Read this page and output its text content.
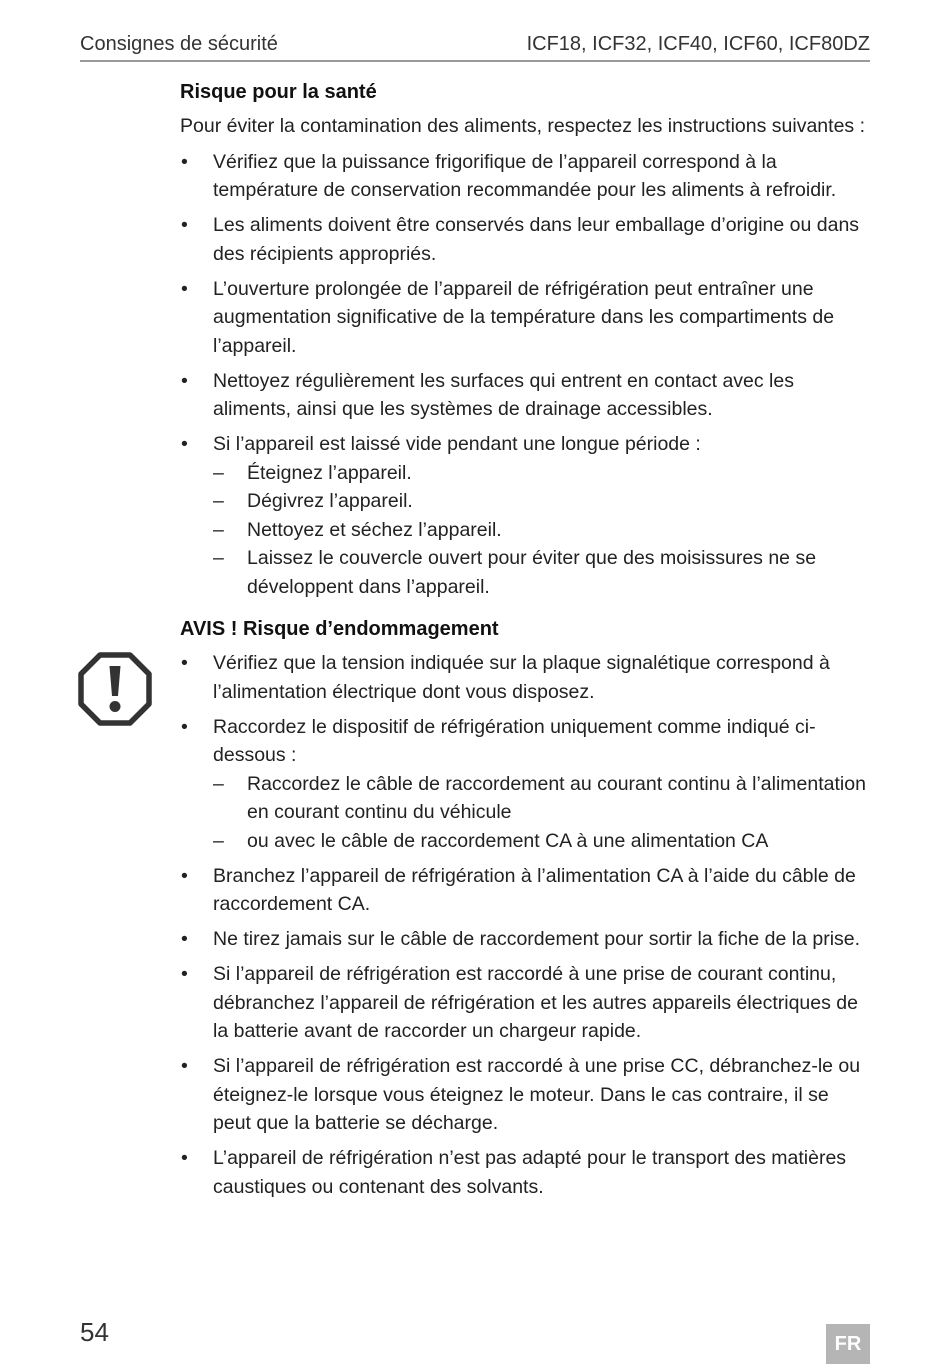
Consignes de sécurité	ICF18, ICF32, ICF40, ICF60, ICF80DZ
Risque pour la santé
Pour éviter la contamination des aliments, respectez les instructions suivantes :
• Vérifiez que la puissance frigorifique de l’appareil correspond à la température de conservation recommandée pour les aliments à refroidir.
• Les aliments doivent être conservés dans leur emballage d’origine ou dans des récipients appropriés.
• L’ouverture prolongée de l’appareil de réfrigération peut entraîner une augmentation significative de la température dans les compartiments de l’appareil.
• Nettoyez régulièrement les surfaces qui entrent en contact avec les aliments, ainsi que les systèmes de drainage accessibles.
• Si l’appareil est laissé vide pendant une longue période :
– Éteignez l’appareil.
– Dégivrez l’appareil.
– Nettoyez et séchez l’appareil.
– Laissez le couvercle ouvert pour éviter que des moisissures ne se développent dans l’appareil.
AVIS ! Risque d’endommagement
• Vérifiez que la tension indiquée sur la plaque signalétique correspond à l’alimentation électrique dont vous disposez.
• Raccordez le dispositif de réfrigération uniquement comme indiqué ci-dessous :
– Raccordez le câble de raccordement au courant continu à l’alimentation en courant continu du véhicule
– ou avec le câble de raccordement CA à une alimentation CA
• Branchez l’appareil de réfrigération à l’alimentation CA à l’aide du câble de raccordement CA.
• Ne tirez jamais sur le câble de raccordement pour sortir la fiche de la prise.
• Si l’appareil de réfrigération est raccordé à une prise de courant continu, débranchez l’appareil de réfrigération et les autres appareils électriques de la batterie avant de raccorder un chargeur rapide.
• Si l’appareil de réfrigération est raccordé à une prise CC, débranchez-le ou éteignez-le lorsque vous éteignez le moteur. Dans le cas contraire, il se peut que la batterie se décharge.
• L’appareil de réfrigération n’est pas adapté pour le transport des matières caustiques ou contenant des solvants.
54	FR
